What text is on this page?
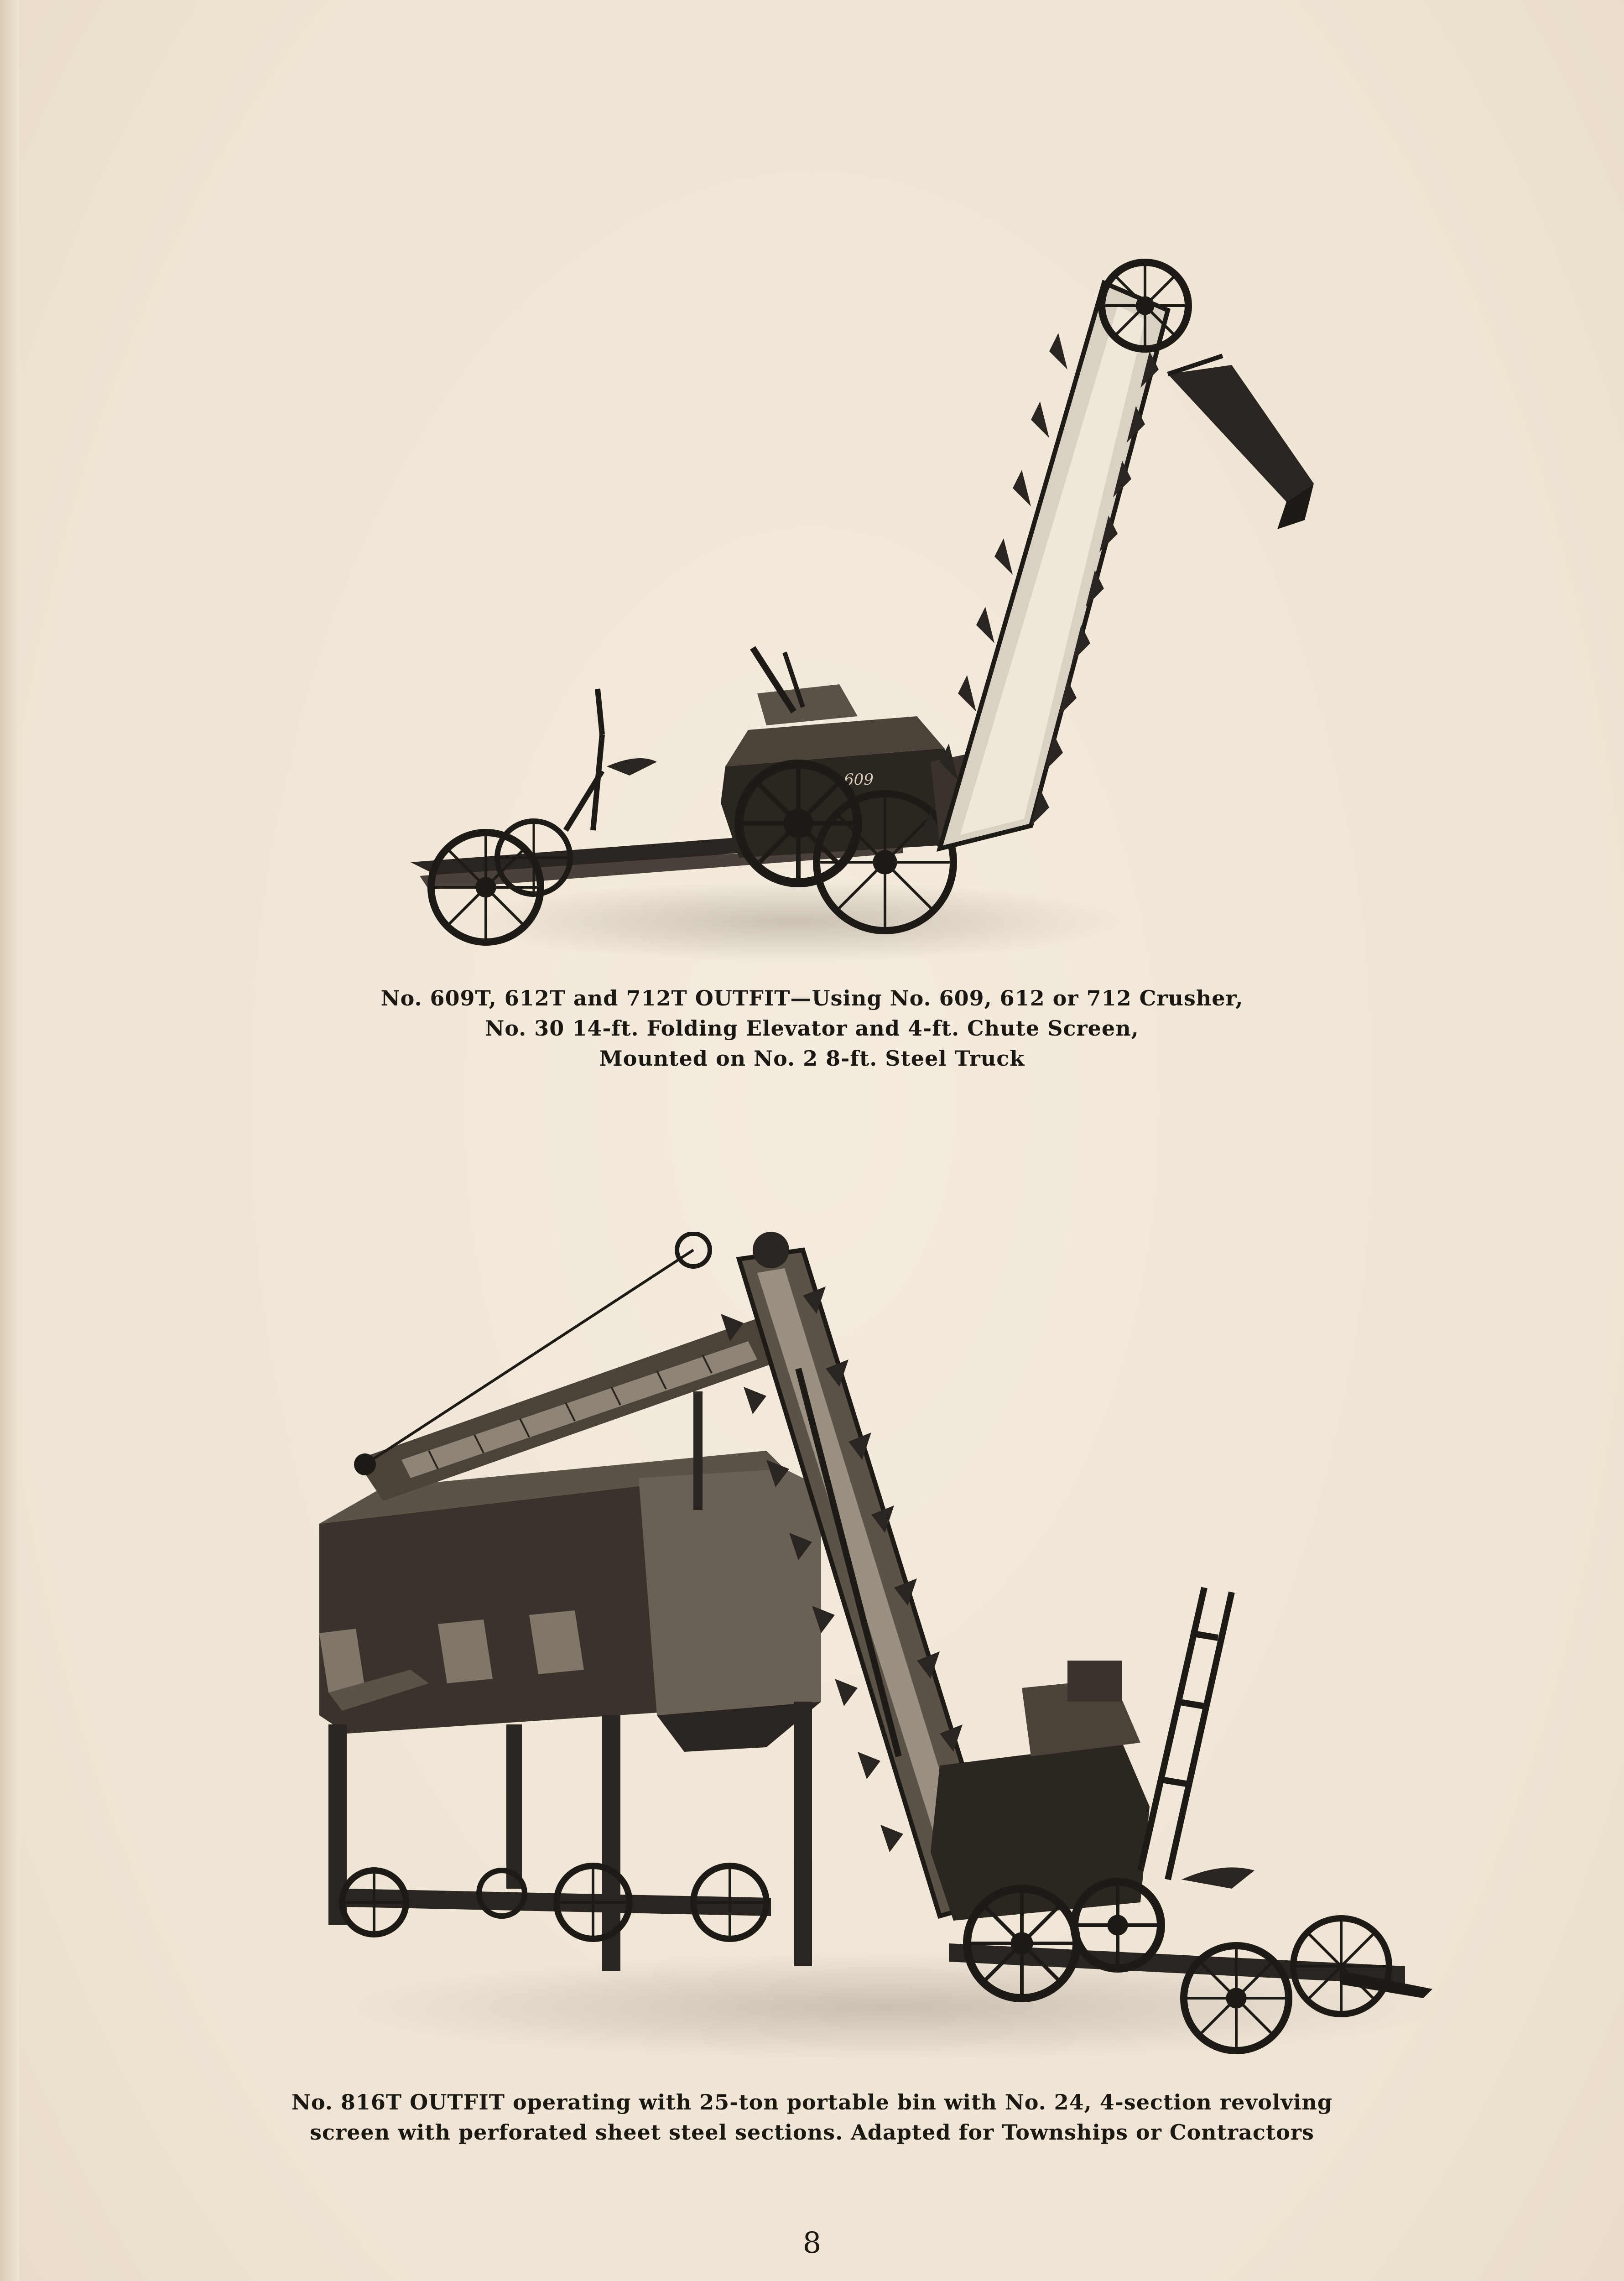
609
No. 609T, 612T and 712T OUTFIT—Using No. 609, 612 or 712 Crusher,
No. 30 14-ft. Folding Elevator and 4-ft. Chute Screen,
Mounted on No. 2 8-ft. Steel Truck
No. 816T OUTFIT operating with 25-ton portable bin with No. 24, 4-section revolving
screen with perforated sheet steel sections. Adapted for Townships or Contractors
8
